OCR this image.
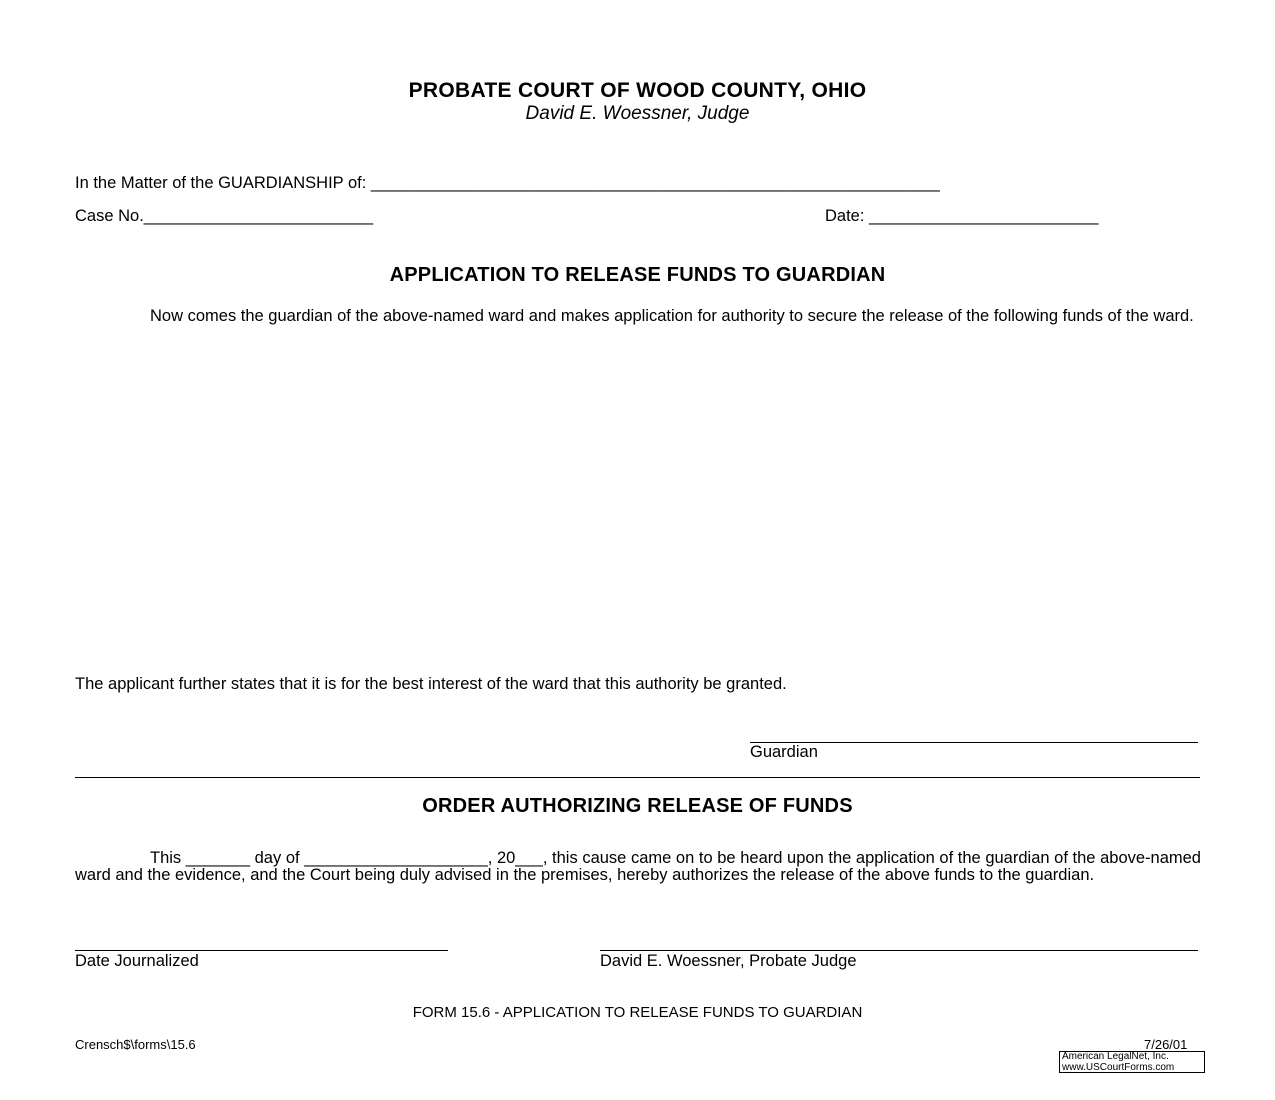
PROBATE COURT OF WOOD COUNTY, OHIO
David E. Woessner, Judge
In the Matter of the GUARDIANSHIP of: ______________________________________________________________
Case No._________________________	Date: _________________________
APPLICATION TO RELEASE FUNDS TO GUARDIAN
Now comes the guardian of the above-named ward and makes application for authority to secure the release of the following funds of the ward.
The applicant further states that it is for the best interest of the ward that this authority be granted.
Guardian
ORDER AUTHORIZING RELEASE OF FUNDS
This _______ day of ____________________, 20___, this cause came on to be heard upon the application of the guardian of the above-named ward and the evidence, and the Court being duly advised in the premises, hereby authorizes the release of the above funds to the guardian.
Date Journalized	David E. Woessner, Probate Judge
FORM 15.6 - APPLICATION TO RELEASE FUNDS TO GUARDIAN
Crensch$\forms\15.6	7/26/01
American LegalNet, Inc.
www.USCourtForms.com
